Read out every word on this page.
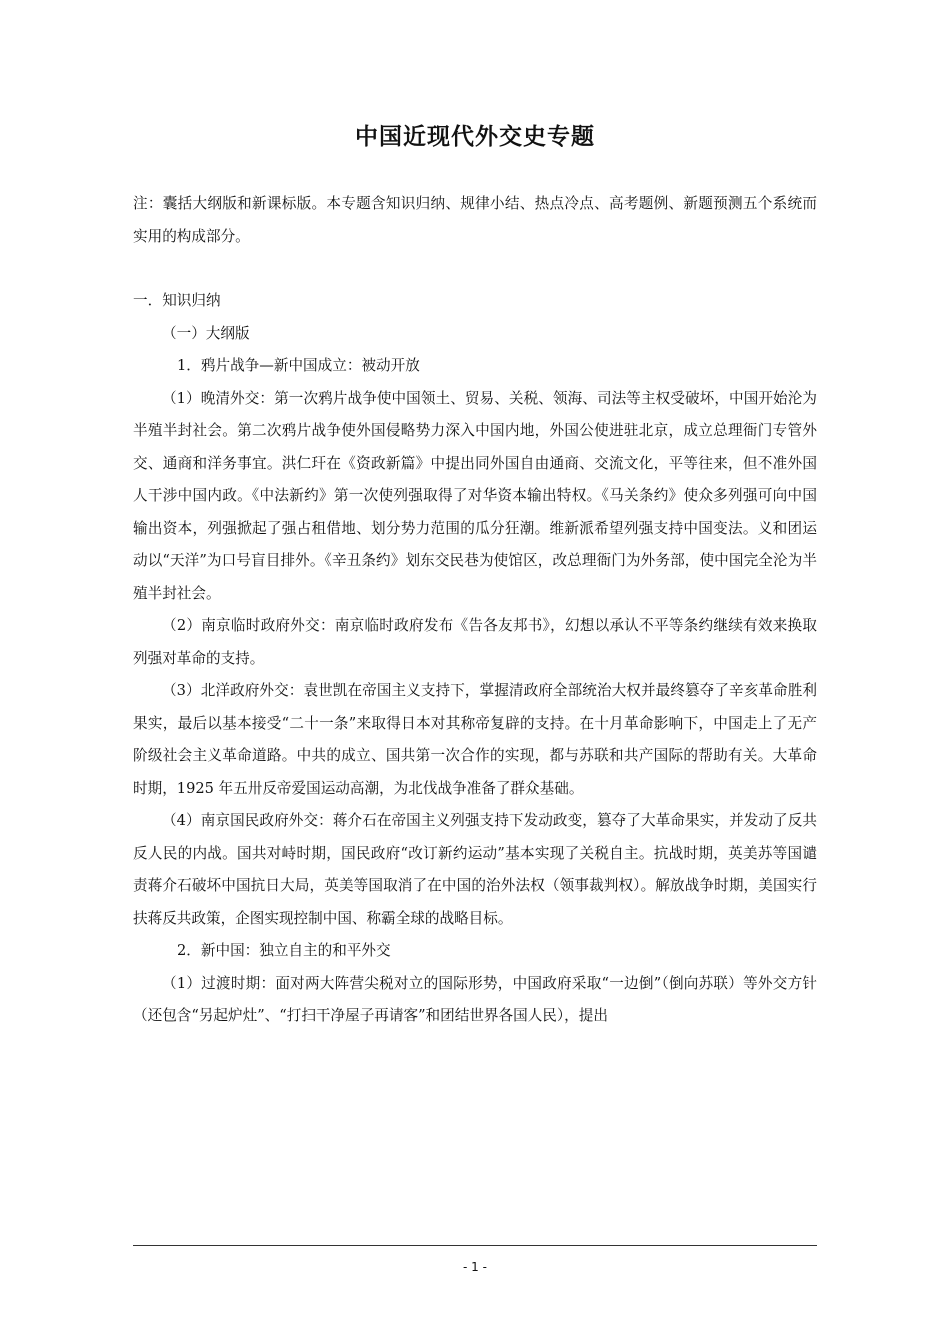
中国近现代外交史专题

注：囊括大纲版和新课标版。本专题含知识归纳、规律小结、热点冷点、高考题例、新题预测五个系统而实用的构成部分。

一．知识归纳

（一）大纲版

1．鸦片战争—新中国成立：被动开放

（1）晚清外交：第一次鸦片战争使中国领土、贸易、关税、领海、司法等主权受破坏，中国开始沦为半殖半封社会。第二次鸦片战争使外国侵略势力深入中国内地，外国公使进驻北京，成立总理衙门专管外交、通商和洋务事宜。洪仁玕在《资政新篇》中提出同外国自由通商、交流文化，平等往来，但不准外国人干涉中国内政。《中法新约》第一次使列强取得了对华资本输出特权。《马关条约》使众多列强可向中国输出资本，列强掀起了强占租借地、划分势力范围的瓜分狂潮。维新派希望列强支持中国变法。义和团运动以“天洋”为口号盲目排外。《辛丑条约》划东交民巷为使馆区，改总理衙门为外务部，使中国完全沦为半殖半封社会。

（2）南京临时政府外交：南京临时政府发布《告各友邦书》，幻想以承认不平等条约继续有效来换取列强对革命的支持。

（3）北洋政府外交：袁世凯在帝国主义支持下，掌握清政府全部统治大权并最终篡夺了辛亥革命胜利果实，最后以基本接受“二十一条”来取得日本对其称帝复辟的支持。在十月革命影响下，中国走上了无产阶级社会主义革命道路。中共的成立、国共第一次合作的实现，都与苏联和共产国际的帮助有关。大革命时期，1925 年五卅反帝爱国运动高潮，为北伐战争准备了群众基础。

（4）南京国民政府外交：蒋介石在帝国主义列强支持下发动政变，篡夺了大革命果实，并发动了反共反人民的内战。国共对峙时期，国民政府“改订新约运动”基本实现了关税自主。抗战时期，英美苏等国谴责蒋介石破坏中国抗日大局，英美等国取消了在中国的治外法权（领事裁判权）。解放战争时期，美国实行扶蒋反共政策，企图实现控制中国、称霸全球的战略目标。

2．新中国：独立自主的和平外交

（1）过渡时期：面对两大阵营尖税对立的国际形势，中国政府采取“一边倒”（倒向苏联）等外交方针（还包含“另起炉灶”、“打扫干净屋子再请客”和团结世界各国人民），提出

- 1 -
